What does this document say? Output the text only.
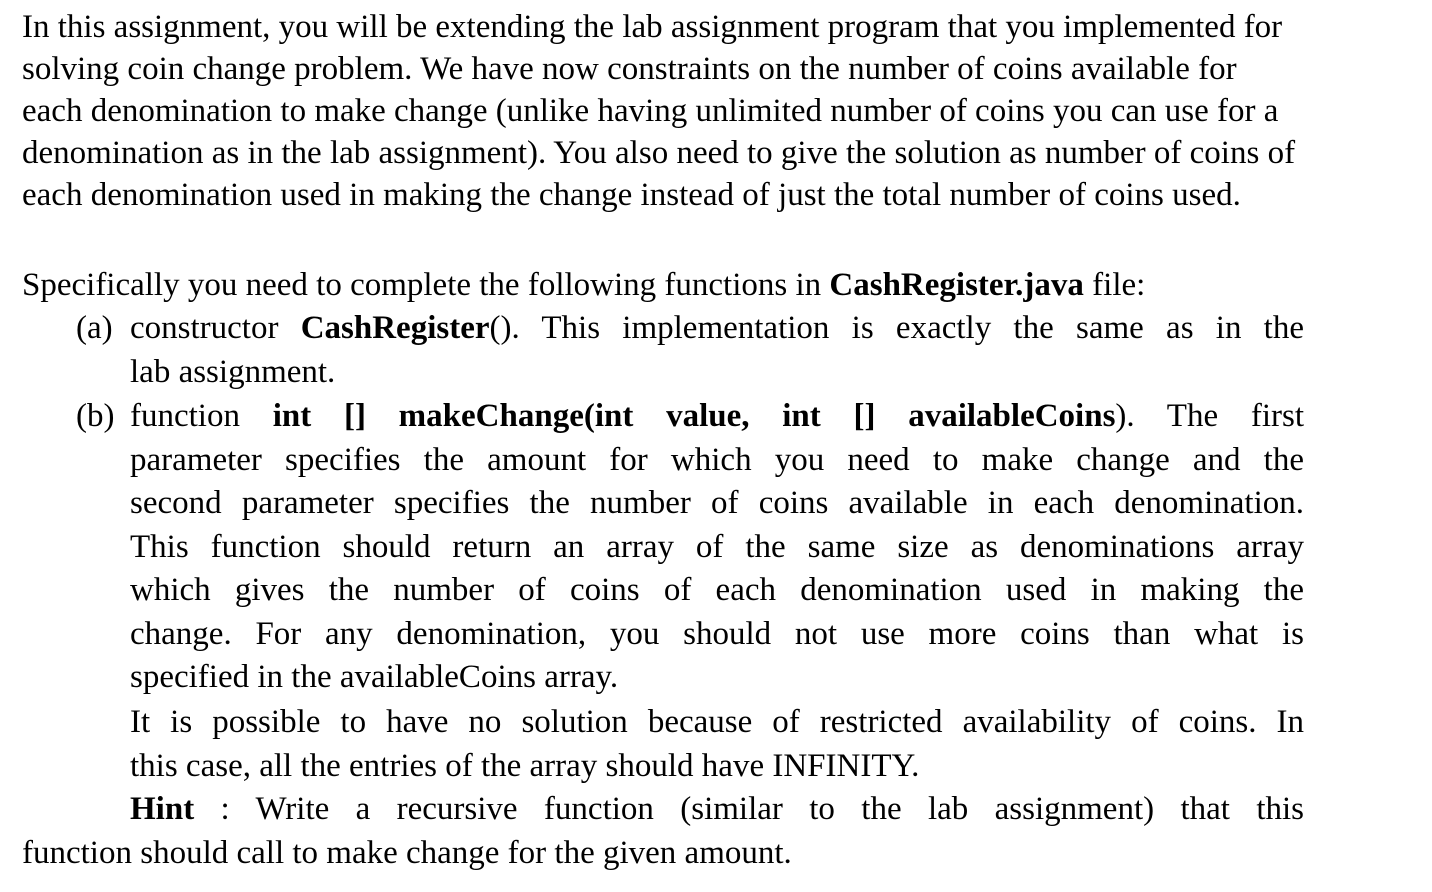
In this assignment, you will be extending the lab assignment program that you implemented for
solving coin change problem. We have now constraints on the number of coins available for
each denomination to make change (unlike having unlimited number of coins you can use for a
denomination as in the lab assignment). You also need to give the solution as number of coins of
each denomination used in making the change instead of just the total number of coins used.

Specifically you need to complete the following functions in CashRegister.java file:

(a) constructor CashRegister(). This implementation is exactly the same as in the
lab assignment.
(b) function int [] makeChange(int value, int [] availableCoins). The first
parameter specifies the amount for which you need to make change and the
second parameter specifies the number of coins available in each denomination.
This function should return an array of the same size as denominations array
which gives the number of coins of each denomination used in making the
change. For any denomination, you should not use more coins than what is
specified in the availableCoins array.
It is possible to have no solution because of restricted availability of coins. In
this case, all the entries of the array should have INFINITY.
Hint : Write a recursive function (similar to the lab assignment) that this
function should call to make change for the given amount.
